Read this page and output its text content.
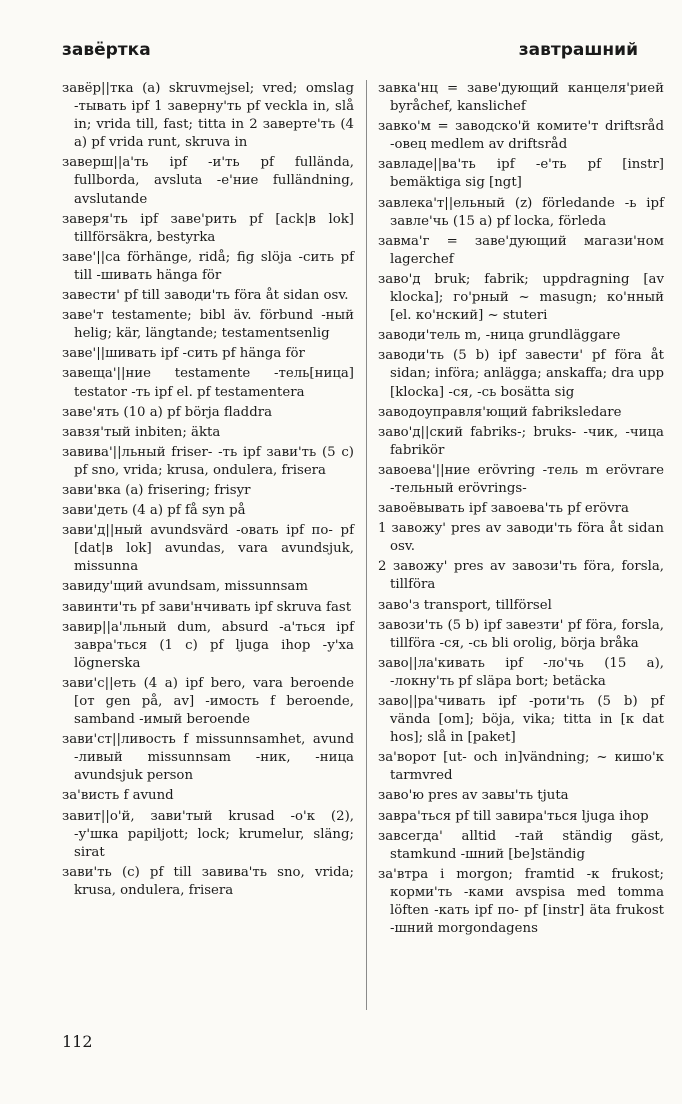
завёртка	завтрашний

завёр||тка (a) skruvmejsel; vred; omslag -тывать ipf 1 заверну'ть pf veckla in, slå in; vrida till, fast; titta in 2 заверте'ть (4 a) pf vrida runt, skruva in

заверш||а'ть ipf -и'ть pf fullända, fullborda, avsluta -е'ние fulländning, avslutande

заверя'ть ipf заве'рить pf [ack|в lok] tillförsäkra, bestyrka

заве'||са förhänge, ridå; fig slöja -сить pf till -шивать hänga för

завести' pf till заводи'ть föra åt sidan osv.

заве'т testamente; bibl äv. förbund -ный helig; kär, längtande; testamentsenlig

заве'||шивать ipf -сить pf hänga för

завеща'||ние testamente -тель[ница] testator -ть ipf el. pf testamentera

заве'ять (10 a) pf börja fladdra

завзя'тый inbiten; äkta

завива'||льный friser- -ть ipf зави'ть (5 c) pf sno, vrida; krusa, ondulera, frisera

зави'вка (a) frisering; frisyr

зави'деть (4 a) pf få syn på

зави'д||ный avundsvärd -овать ipf по- pf [dat|в lok] avundas, vara avundsjuk, missunna

завиду'щий avundsam, missunnsam

завинти'ть pf зави'нчивать ipf skruva fast

завир||а'льный dum, absurd -а'ться ipf завра'ться (1 c) pf ljuga ihop -у'ха lögnerska

зави'с||еть (4 a) ipf bero, vara beroende [от gen på, av] -имость f beroende, samband -имый beroende

зави'ст||ливость f missunnsamhet, avund -ливый missunnsam -ник, -ница avundsjuk person

за'висть f avund

завит||о'й, зави'тый krusad -о'к (2), -у'шка papiljott; lock; krumelur, släng; sirat

зави'ть (c) pf till завива'ть sno, vrida; krusa, ondulera, frisera

завка'нц = заве'дующий канцеля'рией byråchef, kanslichef

завко'м = заводско'й комите'т driftsråd -овец medlem av driftsråd

завладе||ва'ть ipf -е'ть pf [instr] bemäktiga sig [ngt]

завлека'т||ельный (z) förledande -ь ipf завле'чь (15 a) pf locka, förleda

завма'г = заве'дующий магази'ном lagerchef

заво'д bruk; fabrik; uppdragning [av klocka]; го'рный ~ masugn; ко'нный [el. ко'нский] ~ stuteri

заводи'тель m, -ница grundläggare

заводи'ть (5 b) ipf завести' pf föra åt sidan; införa; anlägga; anskaffa; dra upp [klocka] -ся, -сь bosätta sig

заводоуправля'ющий fabriksledare

заво'д||ский fabriks-; bruks- -чик, -чица fabrikör

завоева'||ние erövring -тель m erövrare -тельный erövrings-

завоёвывать ipf завоева'ть pf erövra

1 завожу' pres av заводи'ть föra åt sidan osv.

2 завожу' pres av завози'ть föra, forsla, tillföra

заво'з transport, tillförsel

завози'ть (5 b) ipf завезти' pf föra, forsla, tillföra -ся, -сь bli orolig, börja bråka

заво||ла'кивать ipf -ло'чь (15 a), -локну'ть pf släpa bort; betäcka

заво||ра'чивать ipf -роти'ть (5 b) pf vända [om]; böja, vika; titta in [к dat hos]; slå in [paket]

за'ворот [ut- och in]vändning; ~ кишо'к tarmvred

заво'ю pres av завы'ть tjuta

завра'ться pf till завира'ться ljuga ihop

завсегда' alltid -тай ständig gäst, stamkund -шний [be]ständig

за'втра i morgon; framtid -к frukost; корми'ть -ками avspisa med tomma löften -кать ipf по- pf [instr] äta frukost -шний morgondagens

112
